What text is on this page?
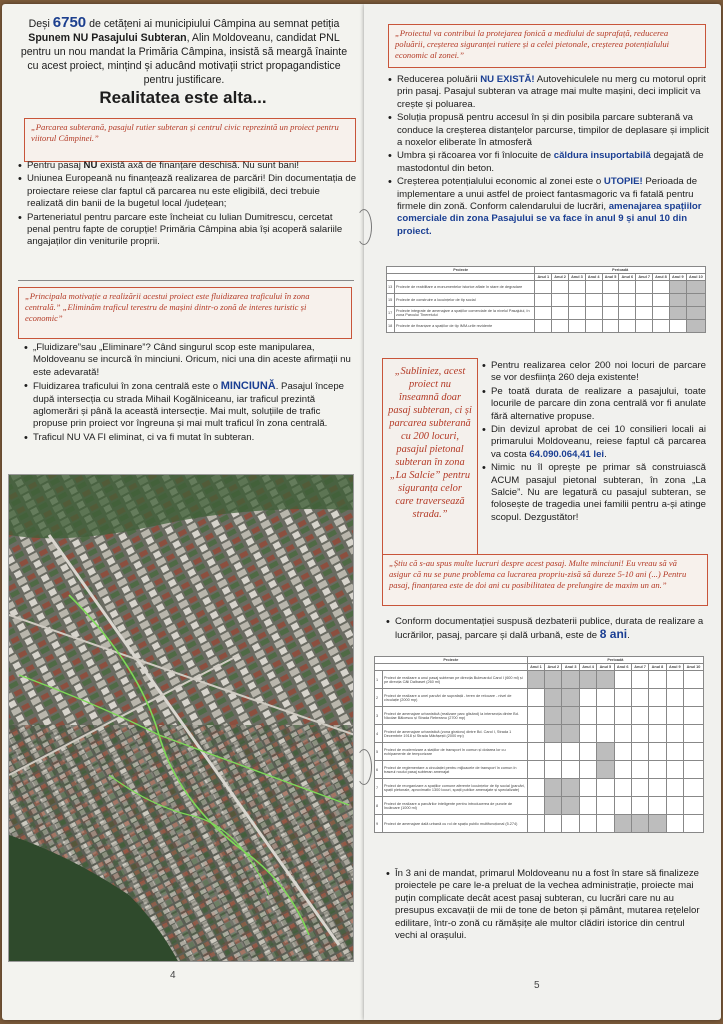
Deși 6750 de cetățeni ai municipiului Câmpina au semnat petiția
Spunem NU Pasajului Subteran, Alin Moldoveanu, candidat PNL pentru un nou mandat la Primăria Câmpina, insistă să meargă înainte cu acest proiect, mințind și aducând motivații strict propagandistice pentru justificare.
Realitatea este alta...
„Parcarea subterană, pasajul rutier subteran și centrul civic reprezintă un proiect pentru viitorul Câmpinei.”
• Pentru pasaj NU există axă de finanțare deschisă. Nu sunt bani!
• Uniunea Europeană nu finanțează realizarea de parcări! Din documentația de proiectare reiese clar faptul că parcarea nu este eligibilă, deci trebuie realizată din banii de la bugetul local /județean;
• Parteneriatul pentru parcare este încheiat cu Iulian Dumitrescu, cercetat penal pentru fapte de corupție! Primăria Câmpina abia își acoperă salariile angajaților din veniturile proprii.
„Principala motivație a realizării acestui proiect este fluidizarea traficului în zona centrală.” „Eliminăm traficul terestru de mașini dintr-o zonă de interes turistic și economic”
• „Fluidizare”sau „Eliminare”? Când singurul scop este manipularea, Moldoveanu se incurcă în minciuni. Oricum, nici una din aceste afirmații nu este adevarată!
• Fluidizarea traficului în zona centrală este o MINCIUNĂ. Pasajul începe după intersecția cu strada Mihail Kogălniceanu, iar traficul prezintă aglomerări și până la această intersecție. Mai mult, soluțiile de trafic propuse prin proiect vor îngreuna și mai mult traficul în zona centrală.
• Traficul NU VA FI eliminat, ci va fi mutat în subteran.
4
„Proiectul va contribui la protejarea fonică a mediului de suprafață, reducerea poluării, creșterea siguranței rutiere și a celei pietonale, creșterea potențialului economic al zonei.”
• Reducerea poluării NU EXISTĂ! Autovehiculele nu merg cu motorul oprit prin pasaj. Pasajul subteran va atrage mai multe mașini, deci implicit va crește și poluarea.
• Soluția propusă pentru accesul în și din posibila parcare subterană va conduce la creșterea distanțelor parcurse, timpilor de deplasare și implicit a noxelor eliberate în atmosferă
• Umbra și răcoarea vor fi înlocuite de căldura insuportabilă degajată de mastodontul din beton.
• Creșterea potențialului economic al zonei este o UTOPIE! Perioada de implementare a unui astfel de proiect fantasmagoric va fi fatală pentru firmele din zonă. Conform calendarului de lucrări, amenajarea spațiilor comerciale din zona Pasajului se va face în anul 9 și anul 10 din proiect.
Proiecte		Perioadă									
		Anul 1	Anul 2	Anul 3	Anul 4	Anul 5	Anul 6	Anul 7	Anul 8	Anul 9	Anul 10
13	Proiecte de reabilitare a monumentelor istorice aflate în stare de degradare										
15	Proiecte de construire a locuințelor de tip social										
17	Proiecte integrate de amenajare a spațiilor comerciale de la nivelul Pasajului, în zona Parcului Tineretului										
18	Proiecte de finanțare a spațiilor de tip IMM-urile rezidente										
„Subliniez, acest proiect nu înseamnă doar pasaj subteran, ci și parcarea subterană cu 200 locuri, pasajul pietonal subteran în zona „La Salcie” pentru siguranța celor care traversează strada.”
• Pentru realizarea celor 200 noi locuri de parcare se vor desființa 260 deja existente!
• Pe toată durata de realizare a pasajului, toate locurile de parcare din zona centrală vor fi anulate fără alternative propuse.
• Din devizul aprobat de cei 10 consilieri locali ai primarului Moldoveanu, reiese faptul că parcarea va costa 64.090.064,41 lei.
• Nimic nu îl oprește pe primar să construiască ACUM pasajul pietonal subteran, în zona „La Salcie”. Nu are legatură cu pasajul subteran, se folosește de tragedia unei familii pentru a-și atinge scopul. Dezgustător!
„Știu că s-au spus multe lucruri despre acest pasaj. Multe minciuni! Eu vreau să vă asigur că nu se pune problema ca lucrarea propriu-zisă să dureze 5-10 ani (...) Pentru pasaj, finanțarea este de doi ani cu posibilitatea de prelungire de maxim un an.”
• Conform documentației suspusă dezbaterii publice, durata de realizare a lucrărilor, pasaj, parcare și dală urbană, este de 8 ani.
Proiecte		Perioadă									
		Anul 1	Anul 2	Anul 3	Anul 4	Anul 5	Anul 6	Anul 7	Anul 8	Anul 9	Anul 10
1	Proiect de realizare a unui pasaj subteran pe direcția Bulevardul Carol I (600 ml) și pe direcția Cãli Dalbaset (260 ml)										
2	Proiect de realizare a unei parcări de suprafață - teren de relocare - nivel de circulație (2000 mp)										
3	Proiect de amenajare urbanistică (realizare parc glisând) la intersecția dintre Bd. Nicolae Bălcescu și Strada Rebreanu (2700 mp)										
4	Proiect de amenajare urbanistică (zona giratoru) dintre Bd. Carol I, Strada 1 Decembrie 1918 și Strada Mărășești (2000 mp)										
5	Proiect de modernizare a stațiilor de transport în comun și dotarea lor cu echipamente de temporizare										
6	Proiect de reglementare a circulației pentru mijloacele de transport în comun în traseul noului pasaj subteran amenajat										
7	Proiect de reorganizare a spațiilor comune aferente locuințelor de tip social (parcări, spații pietonale, aproximativ 1300 locuri, spații publice amenajate și specializate)										
8	Proiect de realizare a parcărilor inteligente pentru introducerea de puncte de încărcare (1000 ml)										
9	Proiect de amenajare dală urbană cu rol de spațiu public multifuncțional (5.274)										
• În 3 ani de mandat, primarul Moldoveanu nu a fost în stare să finalizeze proiectele pe care le-a preluat de la vechea administrație, proiecte mai puțin complicate decât acest pasaj subteran, cu lucrări care nu au presupus excavații de mii de tone de beton și pământ, mutarea rețelelor edilitare, într-o zonă cu rămășițe ale multor clădiri istorice din centrul vechi al orașului.
5
